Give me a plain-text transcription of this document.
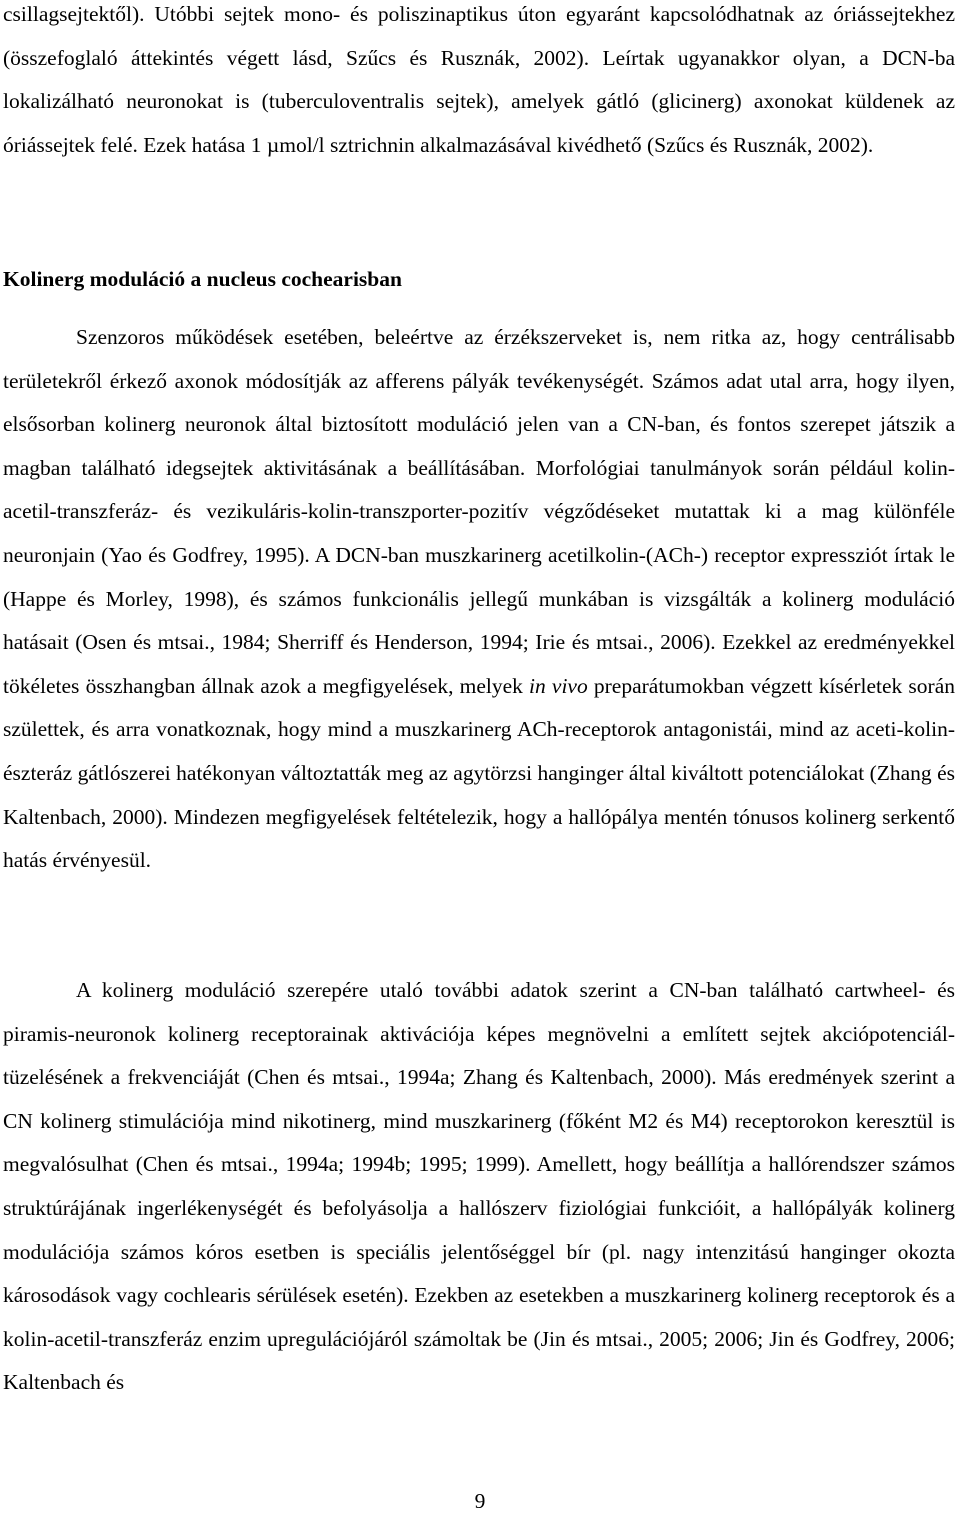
csillagsejtektől). Utóbbi sejtek mono- és poliszinaptikus úton egyaránt kapcsolódhatnak az óriássejtekhez (összefoglaló áttekintés végett lásd, Szűcs és Rusznák, 2002). Leírtak ugyanakkor olyan, a DCN-ba lokalizálható neuronokat is (tuberculoventralis sejtek), amelyek gátló (glicinerg) axonokat küldenek az óriássejtek felé. Ezek hatása 1 µmol/l sztrichnin alkalmazásával kivédhető (Szűcs és Rusznák, 2002).

Kolinerg moduláció a nucleus cochearisban

Szenzoros működések esetében, beleértve az érzékszerveket is, nem ritka az, hogy centrálisabb területekről érkező axonok módosítják az afferens pályák tevékenységét. Számos adat utal arra, hogy ilyen, elsősorban kolinerg neuronok által biztosított moduláció jelen van a CN-ban, és fontos szerepet játszik a magban található idegsejtek aktivitásának a beállításában. Morfológiai tanulmányok során például kolin-acetil-transzferáz- és vezikuláris-kolin-transzporter-pozitív végződéseket mutattak ki a mag különféle neuronjain (Yao és Godfrey, 1995). A DCN-ban muszkarinerg acetilkolin-(ACh-) receptor expressziót írtak le (Happe és Morley, 1998), és számos funkcionális jellegű munkában is vizsgálták a kolinerg moduláció hatásait (Osen és mtsai., 1984; Sherriff és Henderson, 1994; Irie és mtsai., 2006). Ezekkel az eredményekkel tökéletes összhangban állnak azok a megfigyelések, melyek in vivo preparátumokban végzett kísérletek során születtek, és arra vonatkoznak, hogy mind a muszkarinerg ACh-receptorok antagonistái, mind az aceti-kolin-észteráz gátlószerei hatékonyan változtatták meg az agytörzsi hanginger által kiváltott potenciálokat (Zhang és Kaltenbach, 2000). Mindezen megfigyelések feltételezik, hogy a hallópálya mentén tónusos kolinerg serkentő hatás érvényesül.

A kolinerg moduláció szerepére utaló további adatok szerint a CN-ban található cartwheel- és piramis-neuronok kolinerg receptorainak aktivációja képes megnövelni a említett sejtek akciópotenciál-tüzelésének a frekvenciáját (Chen és mtsai., 1994a; Zhang és Kaltenbach, 2000). Más eredmények szerint a CN kolinerg stimulációja mind nikotinerg, mind muszkarinerg (főként M2 és M4) receptorokon keresztül is megvalósulhat (Chen és mtsai., 1994a; 1994b; 1995; 1999). Amellett, hogy beállítja a hallórendszer számos struktúrájának ingerlékenységét és befolyásolja a hallószerv fiziológiai funkcióit, a hallópályák kolinerg modulációja számos kóros esetben is speciális jelentőséggel bír (pl. nagy intenzitású hanginger okozta károsodások vagy cochlearis sérülések esetén). Ezekben az esetekben a muszkarinerg kolinerg receptorok és a kolin-acetil-transzferáz enzim upregulációjáról számoltak be (Jin és mtsai., 2005; 2006; Jin és Godfrey, 2006; Kaltenbach és

9
